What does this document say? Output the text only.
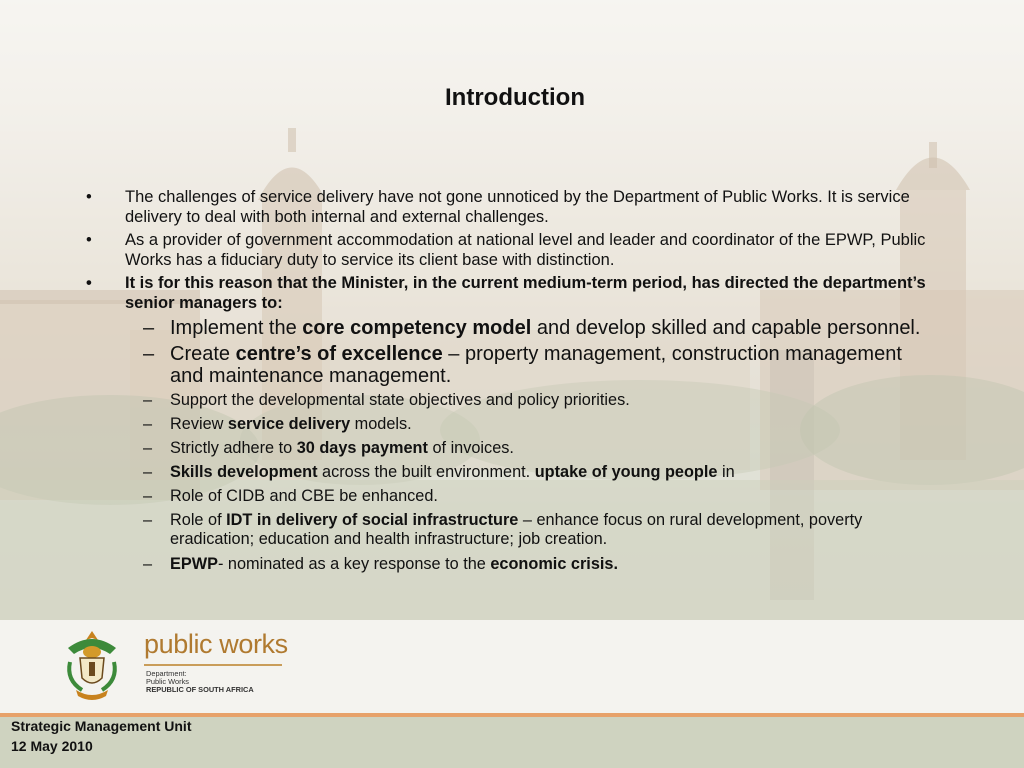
Introduction
• The challenges of service delivery have not gone unnoticed by the Department of Public Works. It is service delivery to deal with both internal and external challenges.
• As a provider of government accommodation at national level and leader and coordinator of the EPWP, Public Works has a fiduciary duty to service its client base with distinction.
• It is for this reason that the Minister, in the current medium-term period, has directed the department’s senior managers to:
– Implement the core competency model and develop skilled and capable personnel.
– Create centre’s of excellence – property management, construction management and maintenance management.
– Support the developmental state objectives and policy priorities.
– Review service delivery models.
– Strictly adhere to 30 days payment of invoices.
– Skills development across the built environment. uptake of young people in
– Role of CIDB and CBE be enhanced.
– Role of IDT in delivery of social infrastructure – enhance focus on rural development, poverty eradication; education and health infrastructure; job creation.
– EPWP- nominated as a key response to the economic crisis.
public works
Department:
Public Works
REPUBLIC OF SOUTH AFRICA
Strategic Management Unit
12 May 2010
